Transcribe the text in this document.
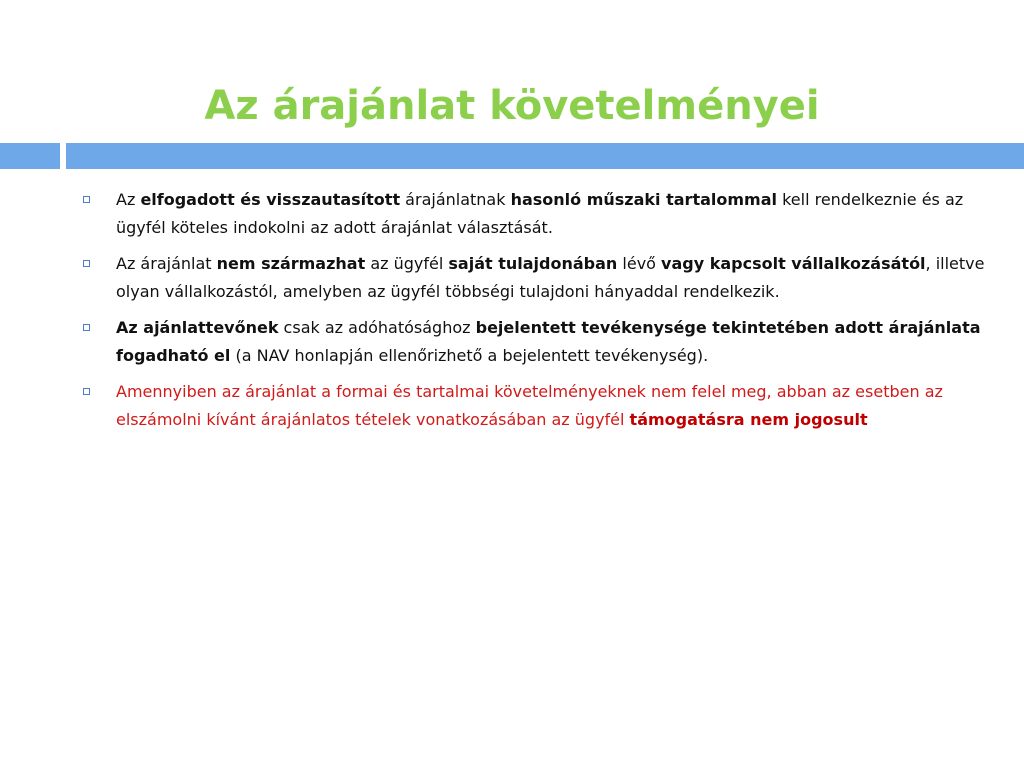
Az árajánlat követelményei
Az elfogadott és visszautasított árajánlatnak hasonló műszaki tartalommal kell rendelkeznie és az ügyfél köteles indokolni az adott árajánlat választását.
Az árajánlat nem származhat az ügyfél saját tulajdonában lévő vagy kapcsolt vállalkozásától, illetve olyan vállalkozástól, amelyben az ügyfél többségi tulajdoni hányaddal rendelkezik.
Az ajánlattevőnek csak az adóhatósághoz bejelentett tevékenysége tekintetében adott árajánlata fogadható el (a NAV honlapján ellenőrizhető a bejelentett tevékenység).
Amennyiben az árajánlat a formai és tartalmai követelményeknek nem felel meg, abban az esetben az elszámolni kívánt árajánlatos tételek vonatkozásában az ügyfél támogatásra nem jogosult
